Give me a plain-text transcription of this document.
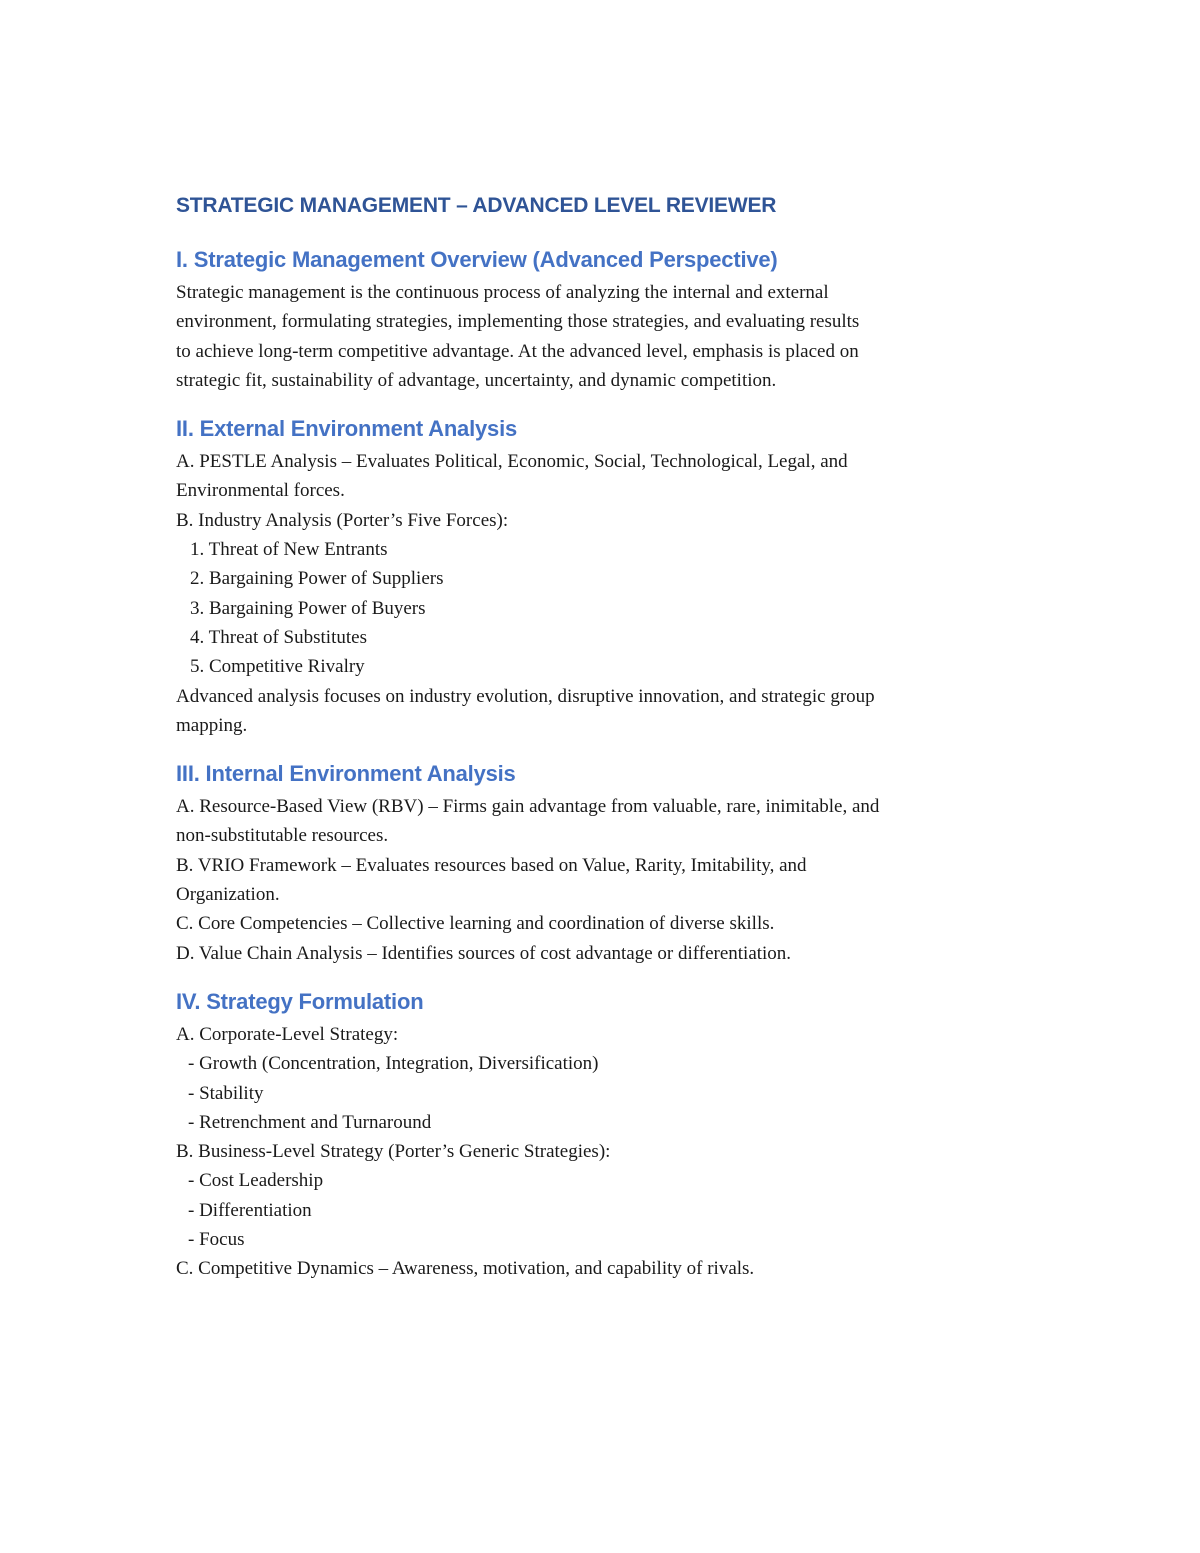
STRATEGIC MANAGEMENT – ADVANCED LEVEL REVIEWER
I. Strategic Management Overview (Advanced Perspective)
Strategic management is the continuous process of analyzing the internal and external
environment, formulating strategies, implementing those strategies, and evaluating results
to achieve long-term competitive advantage. At the advanced level, emphasis is placed on
strategic fit, sustainability of advantage, uncertainty, and dynamic competition.
II. External Environment Analysis
A. PESTLE Analysis – Evaluates Political, Economic, Social, Technological, Legal, and
Environmental forces.
B. Industry Analysis (Porter’s Five Forces):
1. Threat of New Entrants
2. Bargaining Power of Suppliers
3. Bargaining Power of Buyers
4. Threat of Substitutes
5. Competitive Rivalry
Advanced analysis focuses on industry evolution, disruptive innovation, and strategic group
mapping.
III. Internal Environment Analysis
A. Resource-Based View (RBV) – Firms gain advantage from valuable, rare, inimitable, and
non-substitutable resources.
B. VRIO Framework – Evaluates resources based on Value, Rarity, Imitability, and
Organization.
C. Core Competencies – Collective learning and coordination of diverse skills.
D. Value Chain Analysis – Identifies sources of cost advantage or differentiation.
IV. Strategy Formulation
A. Corporate-Level Strategy:
- Growth (Concentration, Integration, Diversification)
- Stability
- Retrenchment and Turnaround
B. Business-Level Strategy (Porter’s Generic Strategies):
- Cost Leadership
- Differentiation
- Focus
C. Competitive Dynamics – Awareness, motivation, and capability of rivals.
